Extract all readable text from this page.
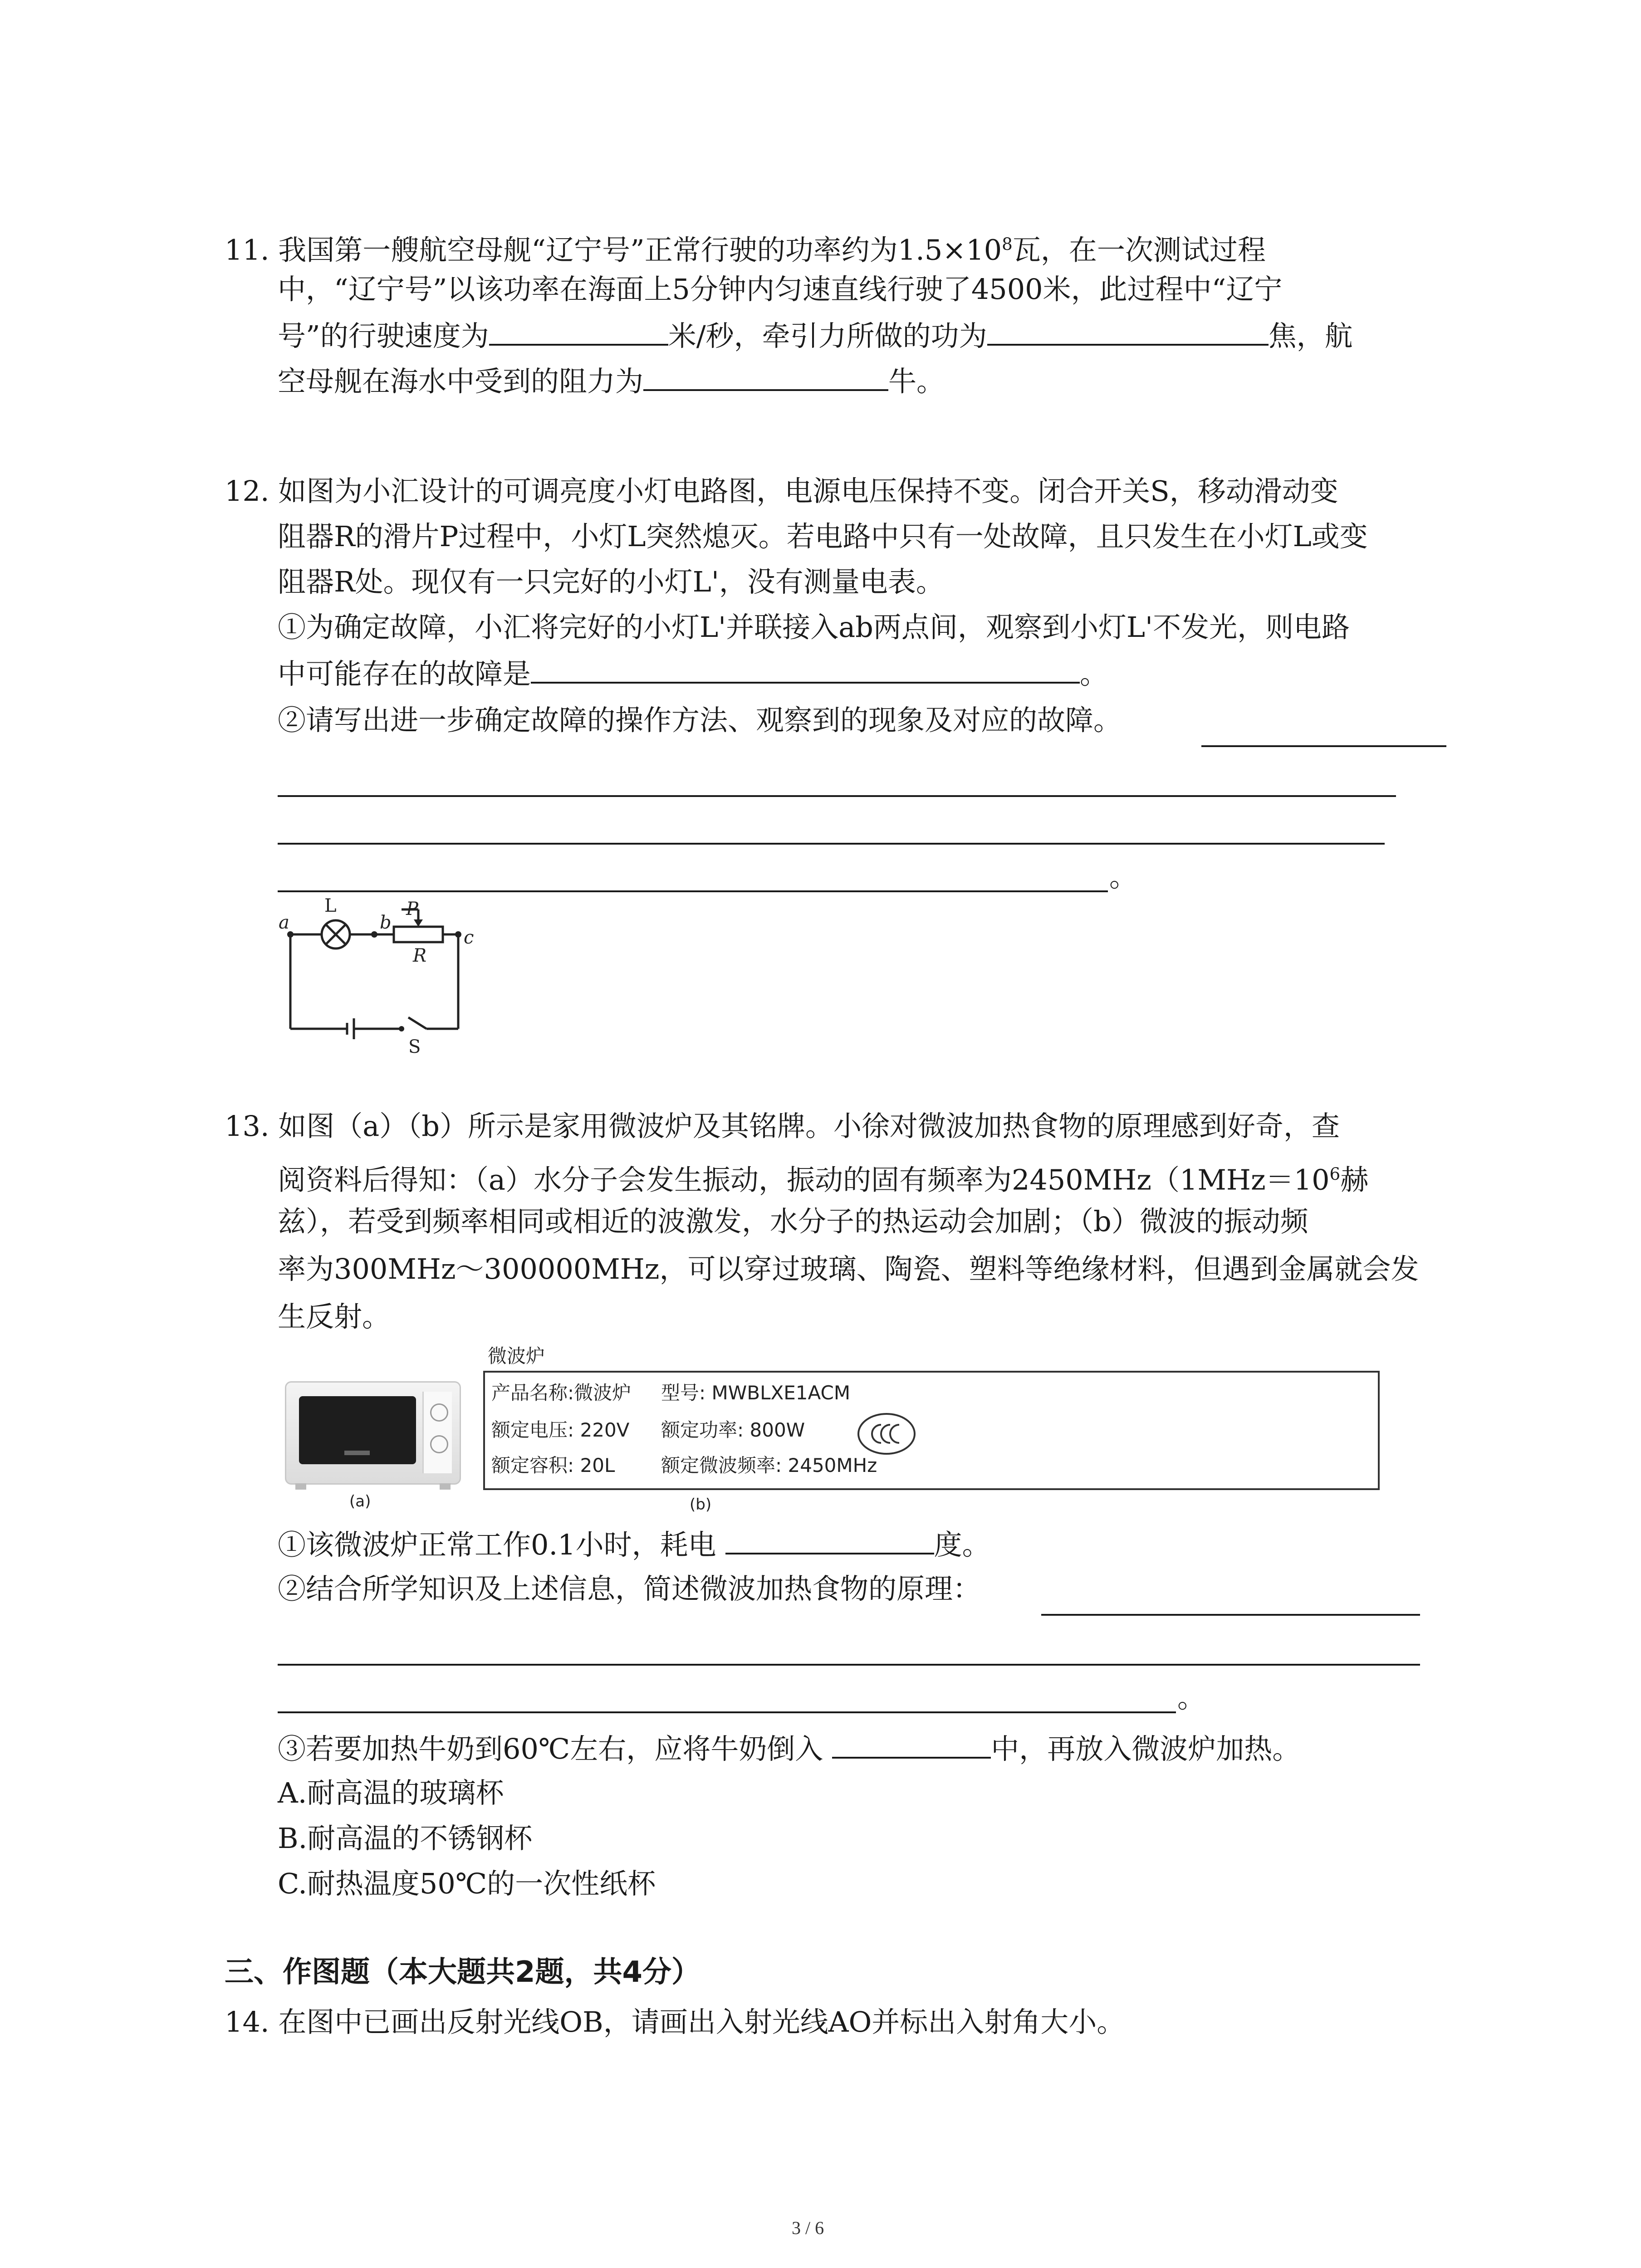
11. 我国第一艘航空母舰“辽宁号”正常行驶的功率约为$1.5\times 10^8$瓦，在一次测试过程
中，“辽宁号”以该功率在海面上5分钟内匀速直线行驶了4500米，此过程中“辽宁
号”的行驶速度为	米/秒，牵引力所做的功为	焦，航
空母舰在海水中受到的阻力为	牛。
12. 如图为小汇设计的可调亮度小灯电路图，电源电压保持不变。闭合开关S，移动滑动变
阻器R的滑片P过程中，小灯L突然熄灭。若电路中只有一处故障，且只发生在小灯L或变
阻器R处。现仅有一只完好的小灯L'，没有测量电表。
①为确定故障，小汇将完好的小灯L'并联接入ab两点间，观察到小灯L'不发光，则电路
中可能存在的故障是	。
②请写出进一步确定故障的操作方法、观察到的现象及对应的故障。
。
L
a	b
c
P
R
S
13. 如图（a）（b）所示是家用微波炉及其铭牌。小徐对微波加热食物的原理感到好奇，查
阅资料后得知：（a）水分子会发生振动，振动的固有频率为$2450MHz(1MHz=10^6$赫
兹），若受到频率相同或相近的波激发，水分子的热运动会加剧；（b）微波的振动频
率为300MHz～300000MHz，可以穿过玻璃、陶瓷、塑料等绝缘材料，但遇到金属就会发
生反射。
(a)
微波炉
产品名称:微波炉 型号: MWBLXE1ACM
额定电压: 220V 额定功率: 800W
额定容积: 20L 额定微波频率: 2450MHz
(b)
①该微波炉正常工作0.1小时，耗电	度。
②结合所学知识及上述信息，简述微波加热食物的原理：
。
③若要加热牛奶到60℃左右，应将牛奶倒入	中，再放入微波炉加热。
A.耐高温的玻璃杯
B.耐高温的不锈钢杯
C.耐热温度50℃的一次性纸杯
三、作图题（本大题共2题，共4分）
14. 在图中已画出反射光线OB，请画出入射光线AO并标出入射角大小。
3 / 6
